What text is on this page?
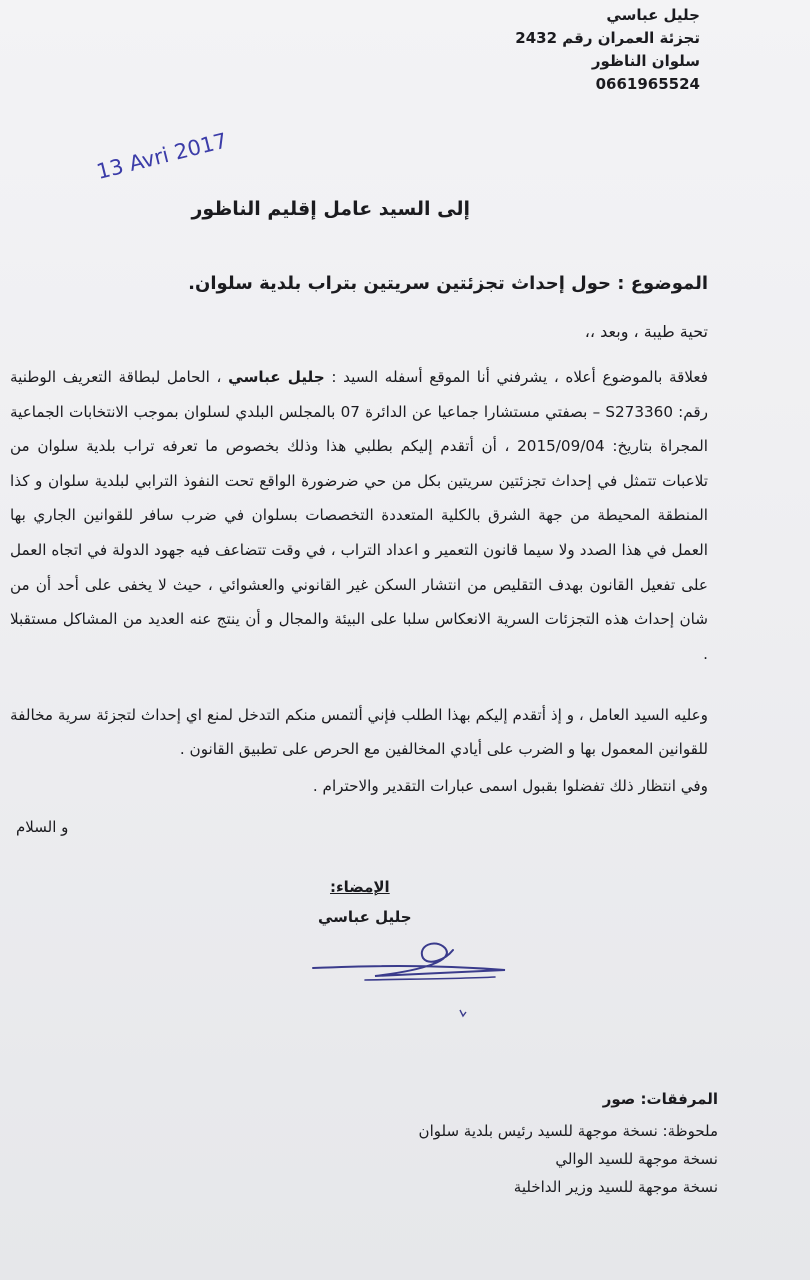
جليل عباسي
تجزئة العمران رقم 2432
سلوان الناظور
0661965524
13 Avri 2017
إلى السيد عامل إقليم الناظور
الموضوع : حول إحداث تجزئتين سريتين بتراب بلدية سلوان.
تحية طيبة ، وبعد ،،
فعلاقة بالموضوع أعلاه ، يشرفني أنا الموقع أسفله السيد : جليل عباسي ، الحامل لبطاقة التعريف الوطنية رقم: S273360 – بصفتي مستشارا جماعيا عن الدائرة 07 بالمجلس البلدي لسلوان بموجب الانتخابات الجماعية المجراة بتاريخ: 2015/09/04 ، أن أتقدم إليكم بطلبي هذا وذلك بخصوص ما تعرفه تراب بلدية سلوان من تلاعبات تتمثل في إحداث تجزئتين سريتين بكل من حي ضرضورة الواقع تحت النفوذ الترابي لبلدية سلوان و كذا المنطقة المحيطة من جهة الشرق بالكلية المتعددة التخصصات بسلوان في ضرب سافر للقوانين الجاري بها العمل في هذا الصدد ولا سيما قانون التعمير و اعداد التراب ، في وقت تتضاعف فيه جهود الدولة في اتجاه العمل على تفعيل القانون بهدف التقليص من انتشار السكن غير القانوني والعشوائي ، حيث لا يخفى على أحد أن من شان إحداث هذه التجزئات السرية الانعكاس سلبا على البيئة والمجال و أن ينتج عنه العديد من المشاكل مستقبلا .
وعليه السيد العامل ، و إذ أتقدم إليكم بهذا الطلب فإني ألتمس منكم التدخل لمنع اي إحداث لتجزئة سرية مخالفة للقوانين المعمول بها و الضرب على أيادي المخالفين مع الحرص على تطبيق القانون .
وفي انتظار ذلك تفضلوا بقبول اسمى عبارات التقدير والاحترام .
و السلام
الإمضاء:
جليل عباسي
المرفقات: صور
ملحوظة: نسخة موجهة للسيد رئيس بلدية سلوان
نسخة موجهة للسيد الوالي
نسخة موجهة للسيد وزير الداخلية
